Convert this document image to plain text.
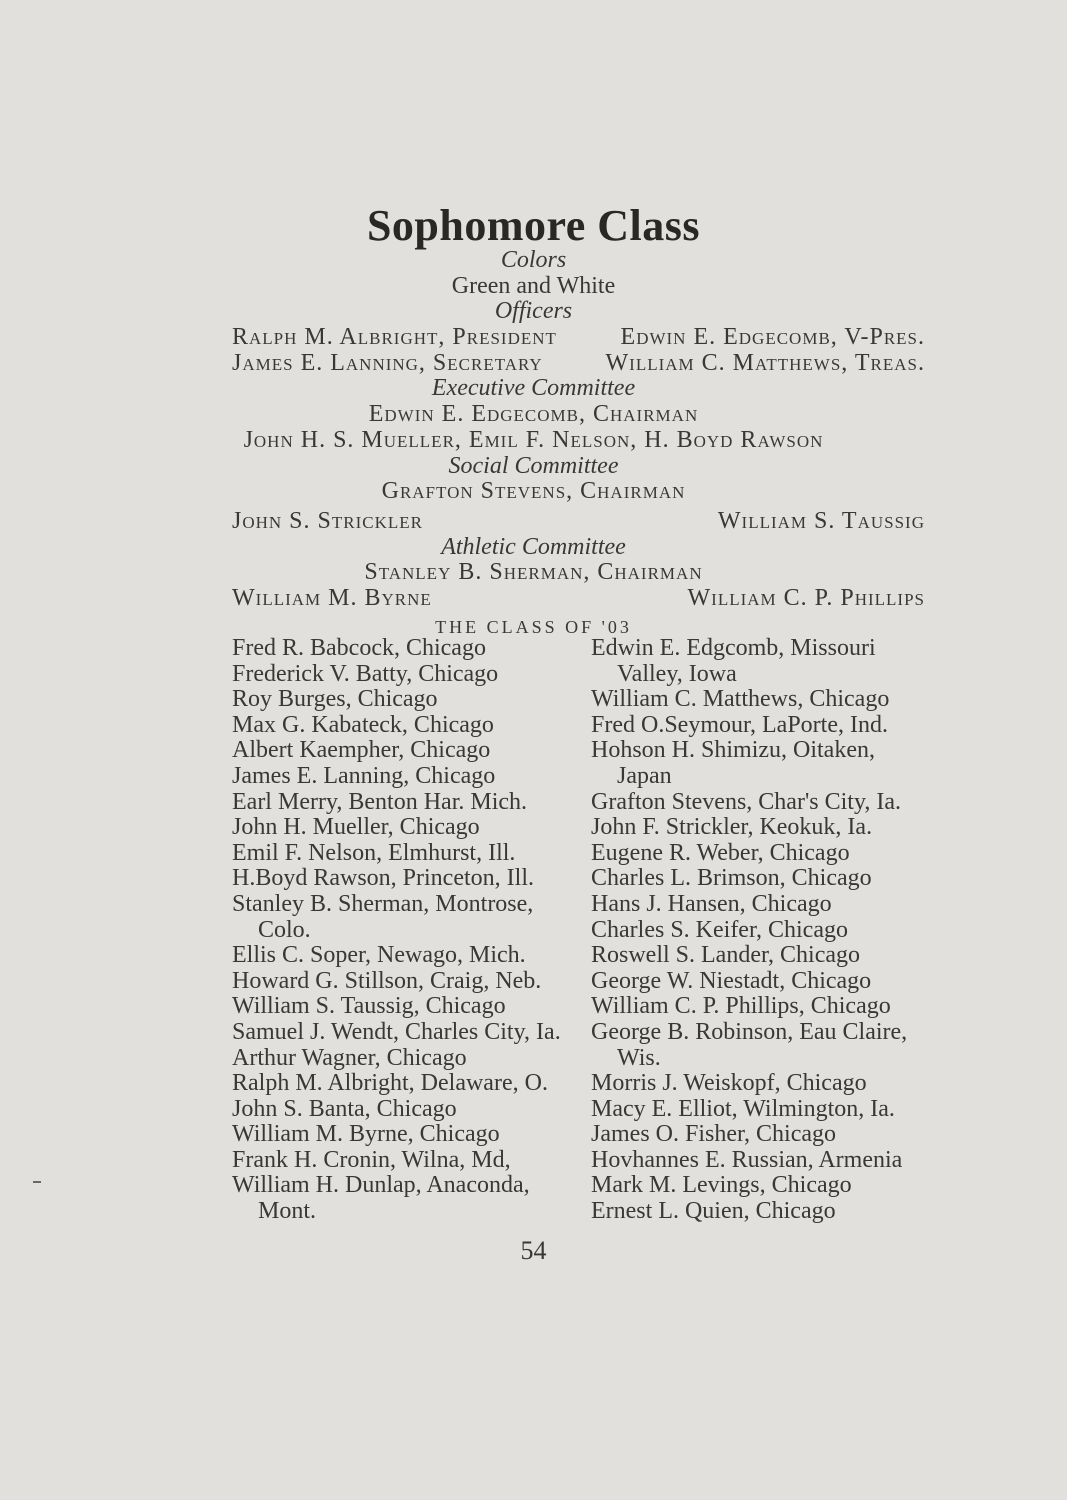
Sophomore Class
Colors
Green and White
Officers
Ralph M. Albright, President	Edwin E. Edgecomb, V-Pres.
James E. Lanning, Secretary	William C. Matthews, Treas.
Executive Committee
Edwin E. Edgecomb, Chairman
John H. S. Mueller, Emil F. Nelson, H. Boyd Rawson
Social Committee
Grafton Stevens, Chairman
John S. Strickler	William S. Taussig
Athletic Committee
Stanley B. Sherman, Chairman
William M. Byrne	William C. P. Phillips
THE CLASS OF '03
Fred R. Babcock, Chicago
Frederick V. Batty, Chicago
Roy Burges, Chicago
Max G. Kabateck, Chicago
Albert Kaempher, Chicago
James E. Lanning, Chicago
Earl Merry, Benton Har. Mich.
John H. Mueller, Chicago
Emil F. Nelson, Elmhurst, Ill.
H.Boyd Rawson, Princeton, Ill.
Stanley B. Sherman, Montrose,
Colo.
Ellis C. Soper, Newago, Mich.
Howard G. Stillson, Craig, Neb.
William S. Taussig, Chicago
Samuel J. Wendt, Charles City, Ia.
Arthur Wagner, Chicago
Ralph M. Albright, Delaware, O.
John S. Banta, Chicago
William M. Byrne, Chicago
Frank H. Cronin, Wilna, Md,
William H. Dunlap, Anaconda,
Mont.
Edwin E. Edgcomb, Missouri
Valley, Iowa
William C. Matthews, Chicago
Fred O.Seymour, LaPorte, Ind.
Hohson H. Shimizu, Oitaken,
Japan
Grafton Stevens, Char's City, Ia.
John F. Strickler, Keokuk, Ia.
Eugene R. Weber, Chicago
Charles L. Brimson, Chicago
Hans J. Hansen, Chicago
Charles S. Keifer, Chicago
Roswell S. Lander, Chicago
George W. Niestadt, Chicago
William C. P. Phillips, Chicago
George B. Robinson, Eau Claire,
Wis.
Morris J. Weiskopf, Chicago
Macy E. Elliot, Wilmington, Ia.
James O. Fisher, Chicago
Hovhannes E. Russian, Armenia
Mark M. Levings, Chicago
Ernest L. Quien, Chicago
54
